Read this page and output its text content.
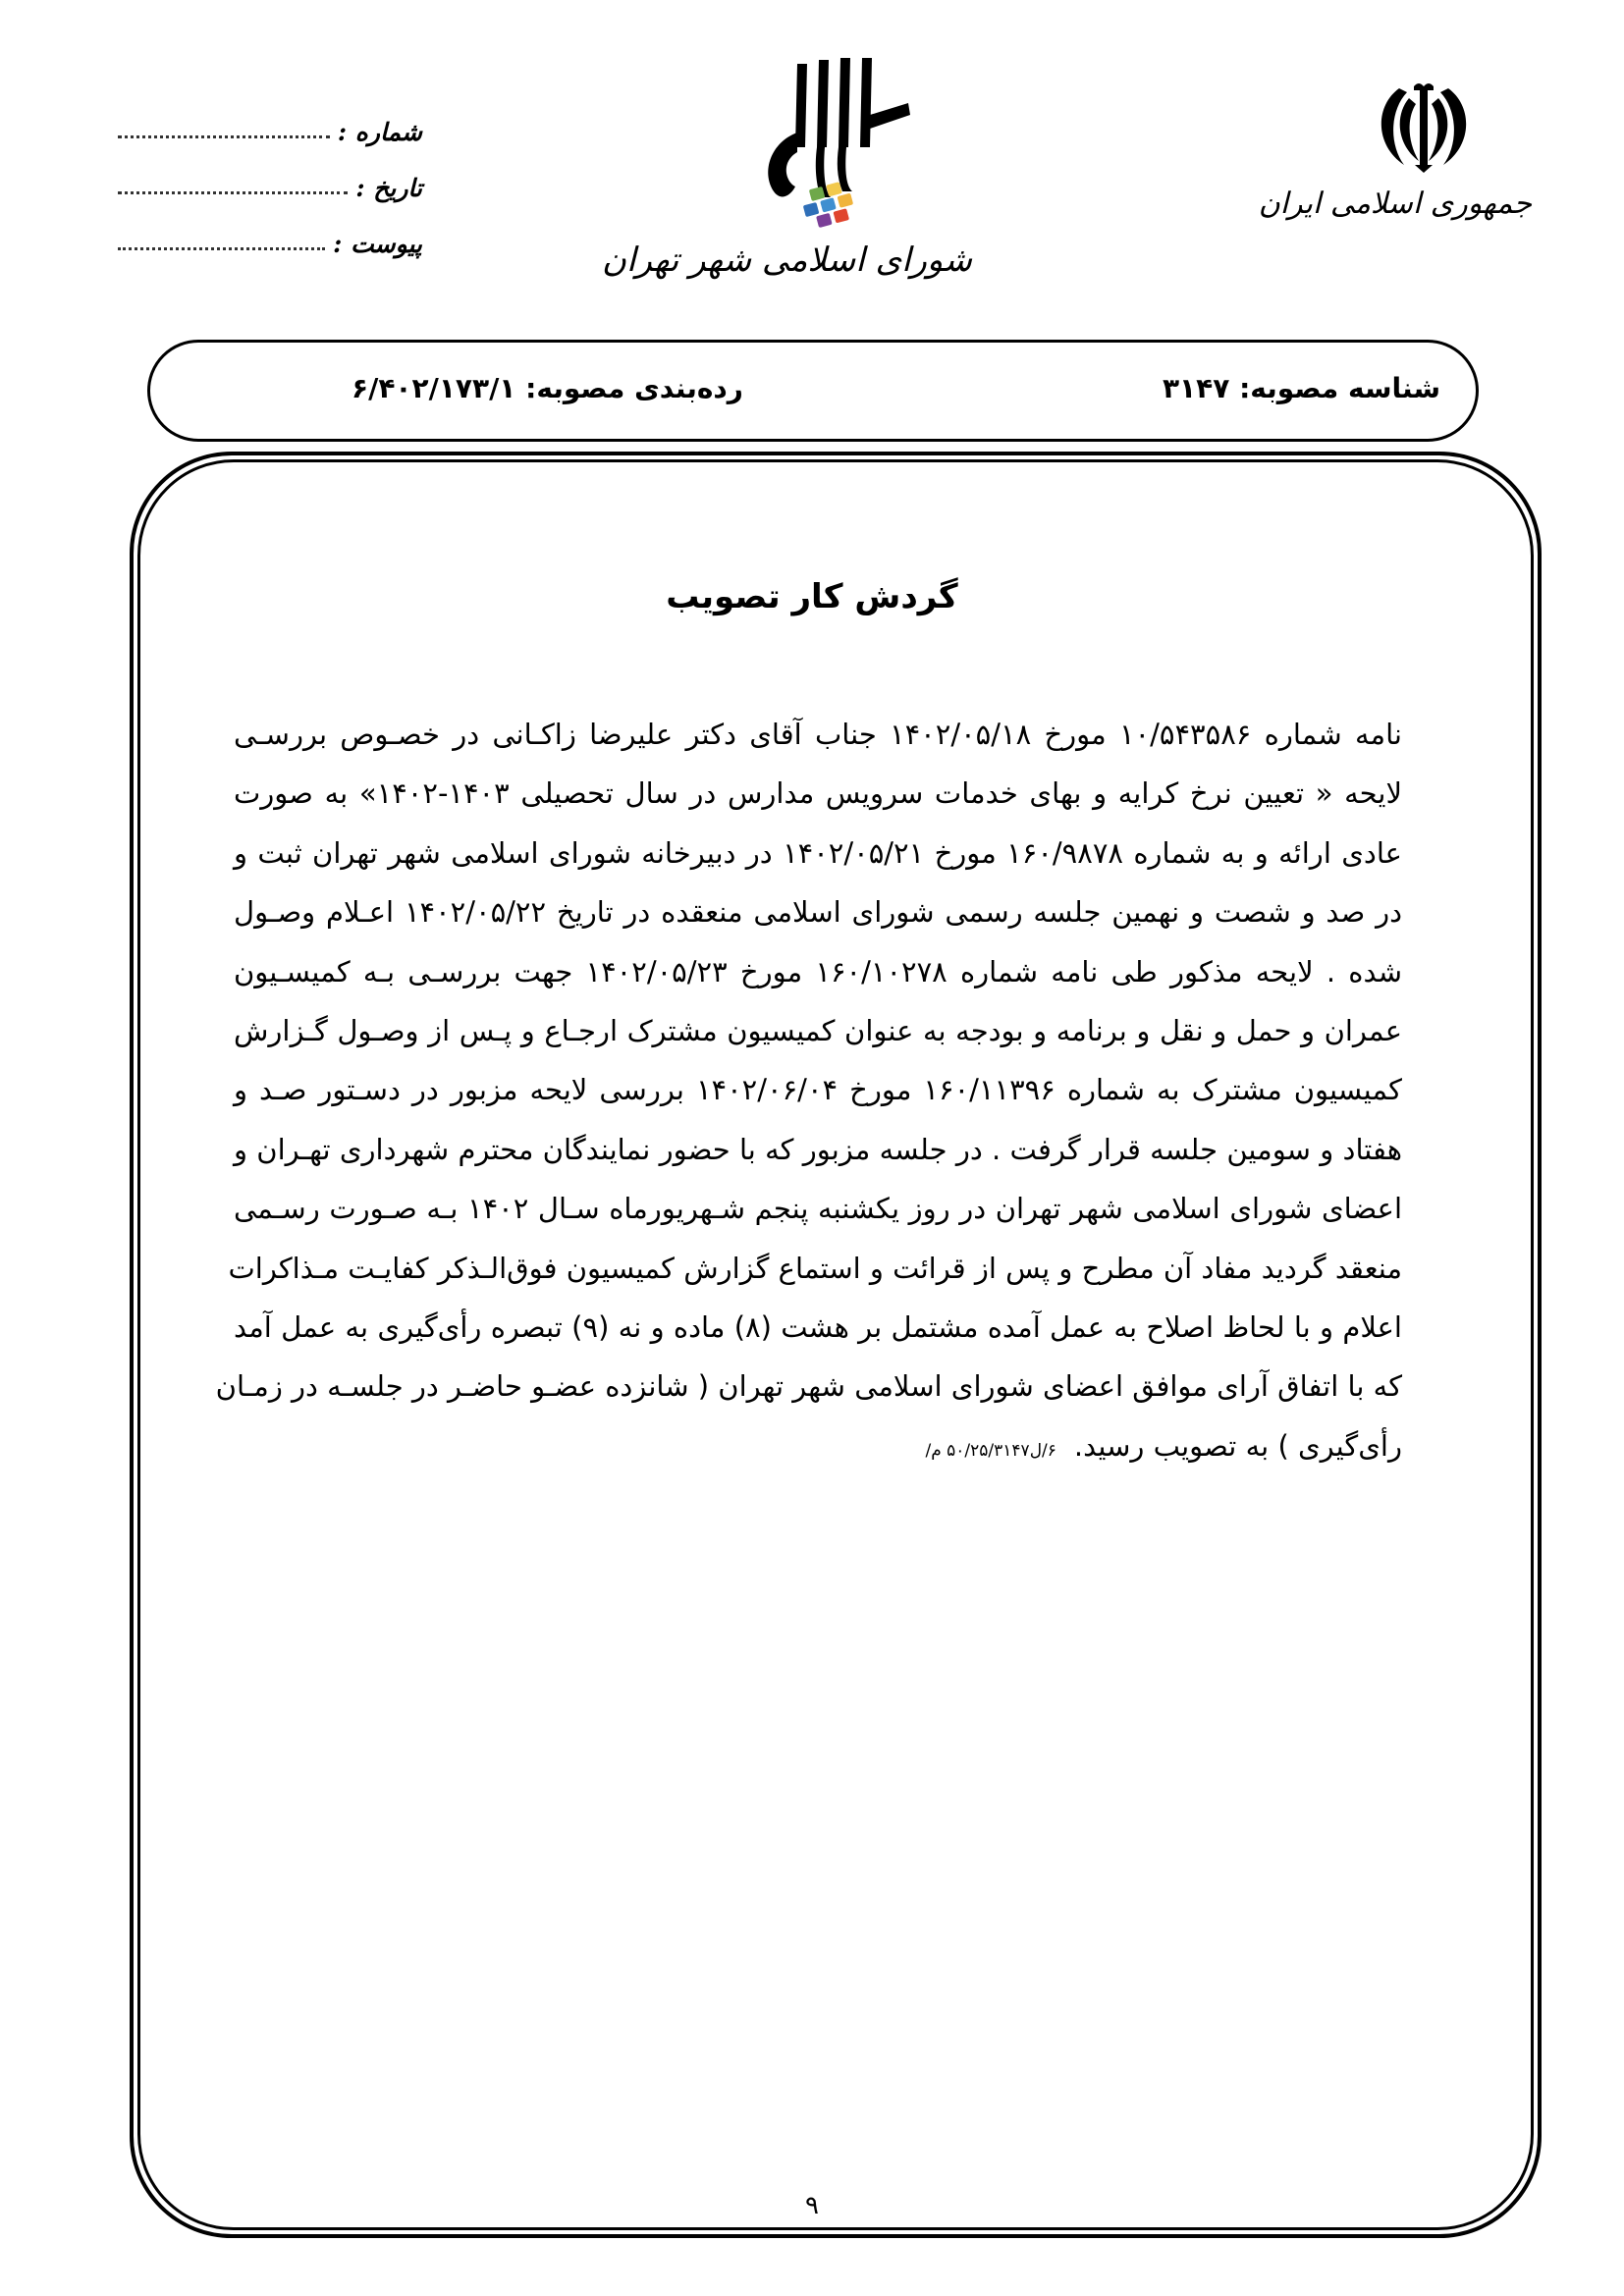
جمهوری اسلامی ایران
شورای اسلامی شهر تهران
شماره :
تاریخ :
پیوست :
شناسه مصوبه: ۳۱۴۷
رده‌بندی مصوبه: ۶/۴۰۲/۱۷۳/۱
گردش کار تصویب
نامه شماره ۱۰/۵۴۳۵۸۶ مورخ ۱۴۰۲/۰۵/۱۸ جناب آقای دکتر علیرضا زاکـانی در خصـوص بررسـی
لایحه « تعیین نرخ کرایه و بهای خدمات سرویس مدارس در سال تحصیلی ۱۴۰۳-۱۴۰۲» به صورت
عادی ارائه و به شماره ۱۶۰/۹۸۷۸ مورخ ۱۴۰۲/۰۵/۲۱ در دبیرخانه شورای اسلامی شهر تهران ثبت و
در صد و شصت و نهمین جلسه رسمی شورای اسلامی منعقده در تاریخ ۱۴۰۲/۰۵/۲۲ اعـلام وصـول
شده . لایحه مذکور طی نامه شماره ۱۶۰/۱۰۲۷۸ مورخ ۱۴۰۲/۰۵/۲۳ جهت بررسـی بـه کمیسـیون
عمران و حمل و نقل و برنامه و بودجه به عنوان کمیسیون مشترک ارجـاع و پـس از وصـول گـزارش
کمیسیون مشترک به شماره ۱۶۰/۱۱۳۹۶ مورخ ۱۴۰۲/۰۶/۰۴ بررسی لایحه مزبور در دسـتور صـد و
هفتاد و سومین جلسه قرار گرفت . در جلسه مزبور که با حضور نمایندگان محترم شهرداری تهـران و
اعضای شورای اسلامی شهر تهران در روز یکشنبه پنجم شـهریورماه سـال ۱۴۰۲ بـه صـورت رسـمی
منعقد گردید مفاد آن مطرح و پس از قرائت و استماع گزارش کمیسیون فوق‌الـذکر کفایـت مـذاکرات
اعلام و با لحاظ اصلاح به عمل آمده مشتمل بر هشت (۸) ماده و نه (۹) تبصره رأی‌گیری به عمل آمد
که با اتفاق آرای موافق اعضای شورای اسلامی شهر تهران ( شانزده عضـو حاضـر در جلسـه در زمـان
رأی‌گیری ) به تصویب رسید.۶/ل۵۰/۲۵/۳۱۴۷ م/
۹
